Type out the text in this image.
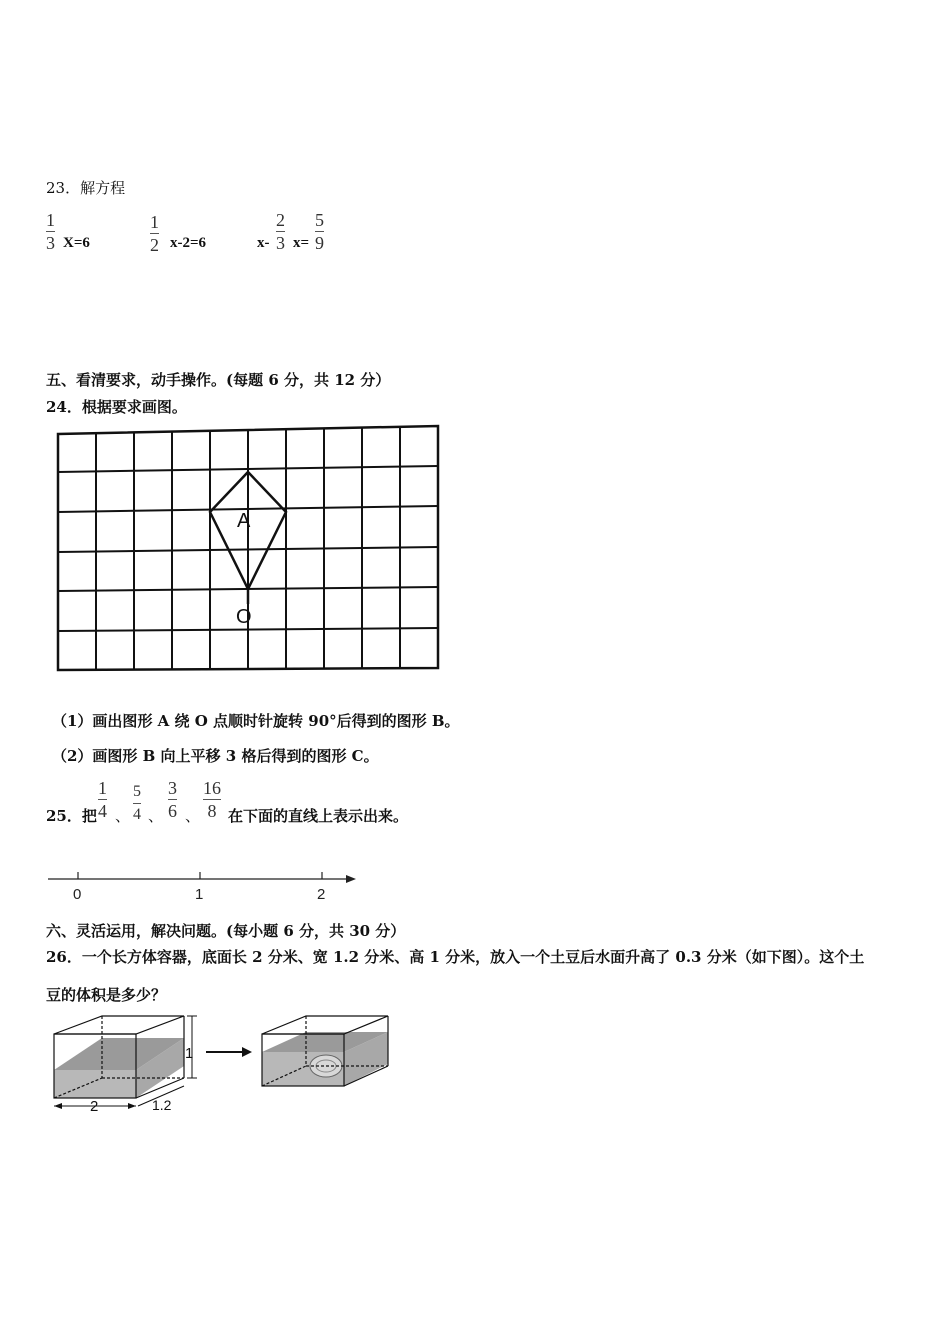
23．解方程
1
3 X=6
1
2 x-2=6	x-
2
3 x=
5
9
五、看清要求，动手操作。(每题 6 分，共 12 分）
24．根据要求画图。
A
O
（1）画出图形 A 绕 O 点顺时针旋转 90°后得到的图形 B。
（2）画图形 B 向上平移 3 格后得到的图形 C。
25．把
1
4 、
5
4 、
3
6 、
16
8 在下面的直线上表示出来。
0	1	2
六、灵活运用，解决问题。(每小题 6 分，共 30 分）
26．一个长方体容器，底面长 2 分米、宽 1.2 分米、高 1 分米，放入一个土豆后水面升高了 0.3 分米（如下图）。这个土
豆的体积是多少？
1
2	1.2
